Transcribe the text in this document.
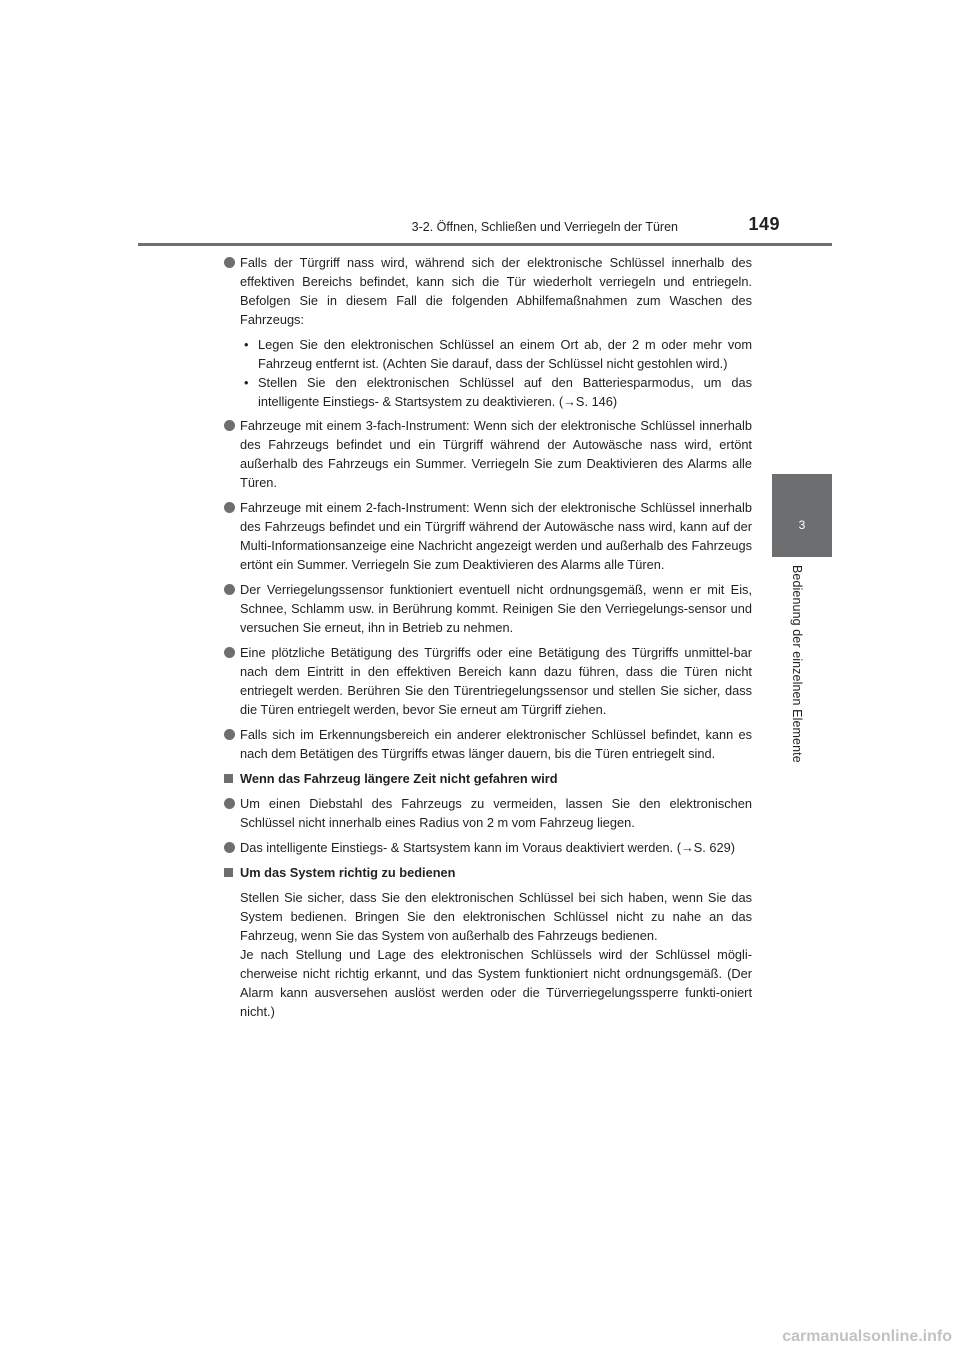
3-2. Öffnen, Schließen und Verriegeln der Türen	149
3
Bedienung der einzelnen Elemente
Falls der Türgriff nass wird, während sich der elektronische Schlüssel innerhalb des effektiven Bereichs befindet, kann sich die Tür wiederholt verriegeln und entriegeln. Befolgen Sie in diesem Fall die folgenden Abhilfemaßnahmen zum Waschen des Fahrzeugs:
• Legen Sie den elektronischen Schlüssel an einem Ort ab, der 2 m oder mehr vom Fahrzeug entfernt ist. (Achten Sie darauf, dass der Schlüssel nicht gestohlen wird.)
• Stellen Sie den elektronischen Schlüssel auf den Batteriesparmodus, um das intelligente Einstiegs- & Startsystem zu deaktivieren. (→S. 146)
Fahrzeuge mit einem 3-fach-Instrument: Wenn sich der elektronische Schlüssel innerhalb des Fahrzeugs befindet und ein Türgriff während der Autowäsche nass wird, ertönt außerhalb des Fahrzeugs ein Summer. Verriegeln Sie zum Deaktivieren des Alarms alle Türen.
Fahrzeuge mit einem 2-fach-Instrument: Wenn sich der elektronische Schlüssel innerhalb des Fahrzeugs befindet und ein Türgriff während der Autowäsche nass wird, kann auf der Multi-Informationsanzeige eine Nachricht angezeigt werden und außerhalb des Fahrzeugs ertönt ein Summer. Verriegeln Sie zum Deaktivieren des Alarms alle Türen.
Der Verriegelungssensor funktioniert eventuell nicht ordnungsgemäß, wenn er mit Eis, Schnee, Schlamm usw. in Berührung kommt. Reinigen Sie den Verriegelungs-sensor und versuchen Sie erneut, ihn in Betrieb zu nehmen.
Eine plötzliche Betätigung des Türgriffs oder eine Betätigung des Türgriffs unmittel-bar nach dem Eintritt in den effektiven Bereich kann dazu führen, dass die Türen nicht entriegelt werden. Berühren Sie den Türentriegelungssensor und stellen Sie sicher, dass die Türen entriegelt werden, bevor Sie erneut am Türgriff ziehen.
Falls sich im Erkennungsbereich ein anderer elektronischer Schlüssel befindet, kann es nach dem Betätigen des Türgriffs etwas länger dauern, bis die Türen entriegelt sind.
Wenn das Fahrzeug längere Zeit nicht gefahren wird
Um einen Diebstahl des Fahrzeugs zu vermeiden, lassen Sie den elektronischen Schlüssel nicht innerhalb eines Radius von 2 m vom Fahrzeug liegen.
Das intelligente Einstiegs- & Startsystem kann im Voraus deaktiviert werden. (→S. 629)
Um das System richtig zu bedienen
Stellen Sie sicher, dass Sie den elektronischen Schlüssel bei sich haben, wenn Sie das System bedienen. Bringen Sie den elektronischen Schlüssel nicht zu nahe an das Fahrzeug, wenn Sie das System von außerhalb des Fahrzeugs bedienen.
Je nach Stellung und Lage des elektronischen Schlüssels wird der Schlüssel mögli-cherweise nicht richtig erkannt, und das System funktioniert nicht ordnungsgemäß. (Der Alarm kann ausversehen auslöst werden oder die Türverriegelungssperre funkti-oniert nicht.)
carmanualsonline.info
